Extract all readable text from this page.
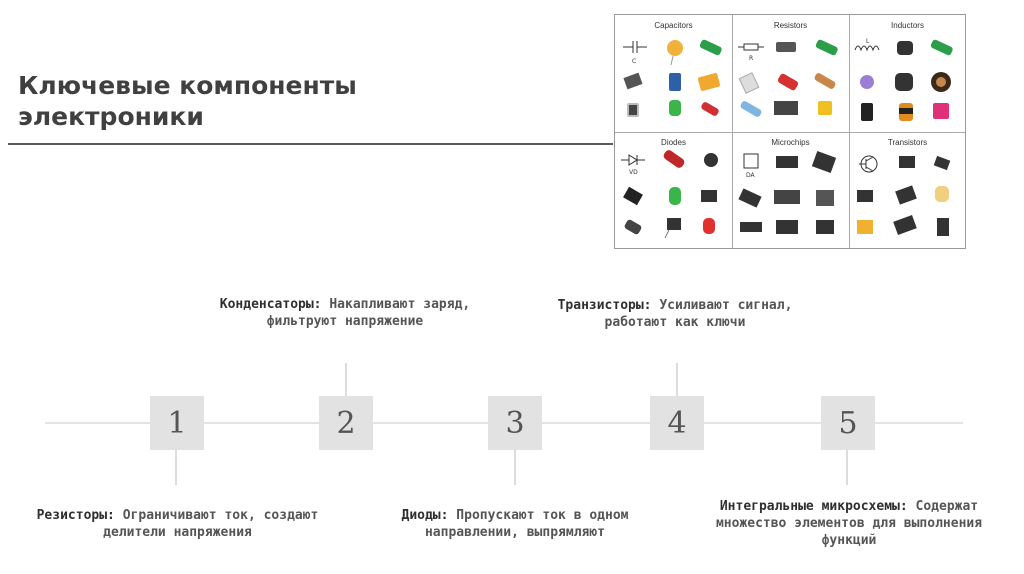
Ключевые компоненты электроники
Capacitors
C
Resistors
R
Inductors
L
Diodes
VD
Microchips
DA
Transistors
1	2	3	4	5
Резисторы: Ограничивают ток, создают делители напряжения
Конденсаторы: Накапливают заряд, фильтруют напряжение
Диоды: Пропускают ток в одном направлении, выпрямляют
Транзисторы: Усиливают сигнал, работают как ключи
Интегральные микросхемы: Содержат множество элементов для выполнения функций
